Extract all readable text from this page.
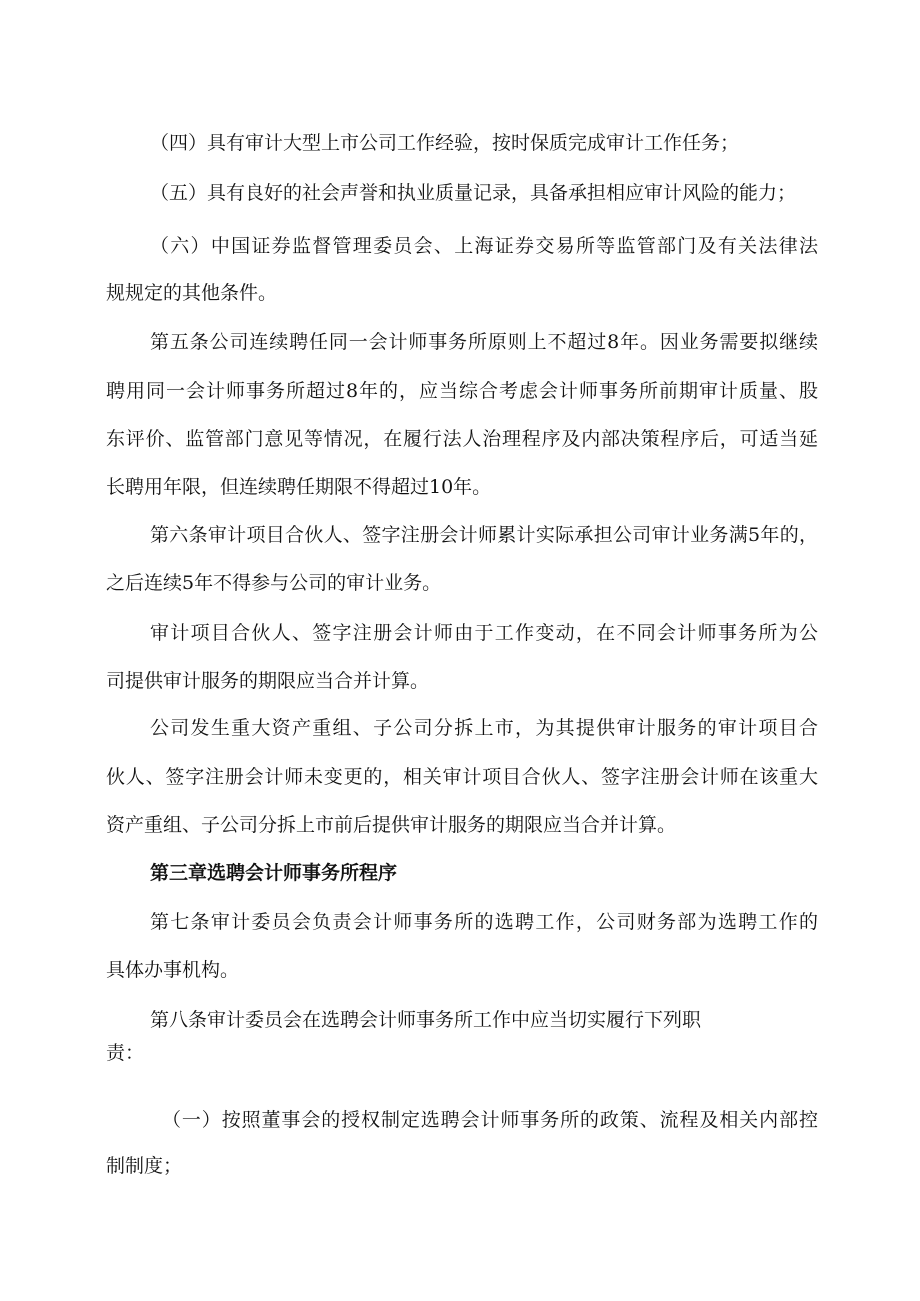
（四）具有审计大型上市公司工作经验，按时保质完成审计工作任务；
（五）具有良好的社会声誉和执业质量记录，具备承担相应审计风险的能力；
（六）中国证券监督管理委员会、上海证券交易所等监管部门及有关法律法
规规定的其他条件。
第五条公司连续聘任同一会计师事务所原则上不超过8年。因业务需要拟继续
聘用同一会计师事务所超过8年的，应当综合考虑会计师事务所前期审计质量、股
东评价、监管部门意见等情况，在履行法人治理程序及内部决策程序后，可适当延
长聘用年限，但连续聘任期限不得超过10年。
第六条审计项目合伙人、签字注册会计师累计实际承担公司审计业务满5年的，
之后连续5年不得参与公司的审计业务。
审计项目合伙人、签字注册会计师由于工作变动，在不同会计师事务所为公
司提供审计服务的期限应当合并计算。
公司发生重大资产重组、子公司分拆上市，为其提供审计服务的审计项目合
伙人、签字注册会计师未变更的，相关审计项目合伙人、签字注册会计师在该重大
资产重组、子公司分拆上市前后提供审计服务的期限应当合并计算。
第三章选聘会计师事务所程序
第七条审计委员会负责会计师事务所的选聘工作，公司财务部为选聘工作的
具体办事机构。
第八条审计委员会在选聘会计师事务所工作中应当切实履行下列职
责：
（一）按照董事会的授权制定选聘会计师事务所的政策、流程及相关内部控
制制度；
